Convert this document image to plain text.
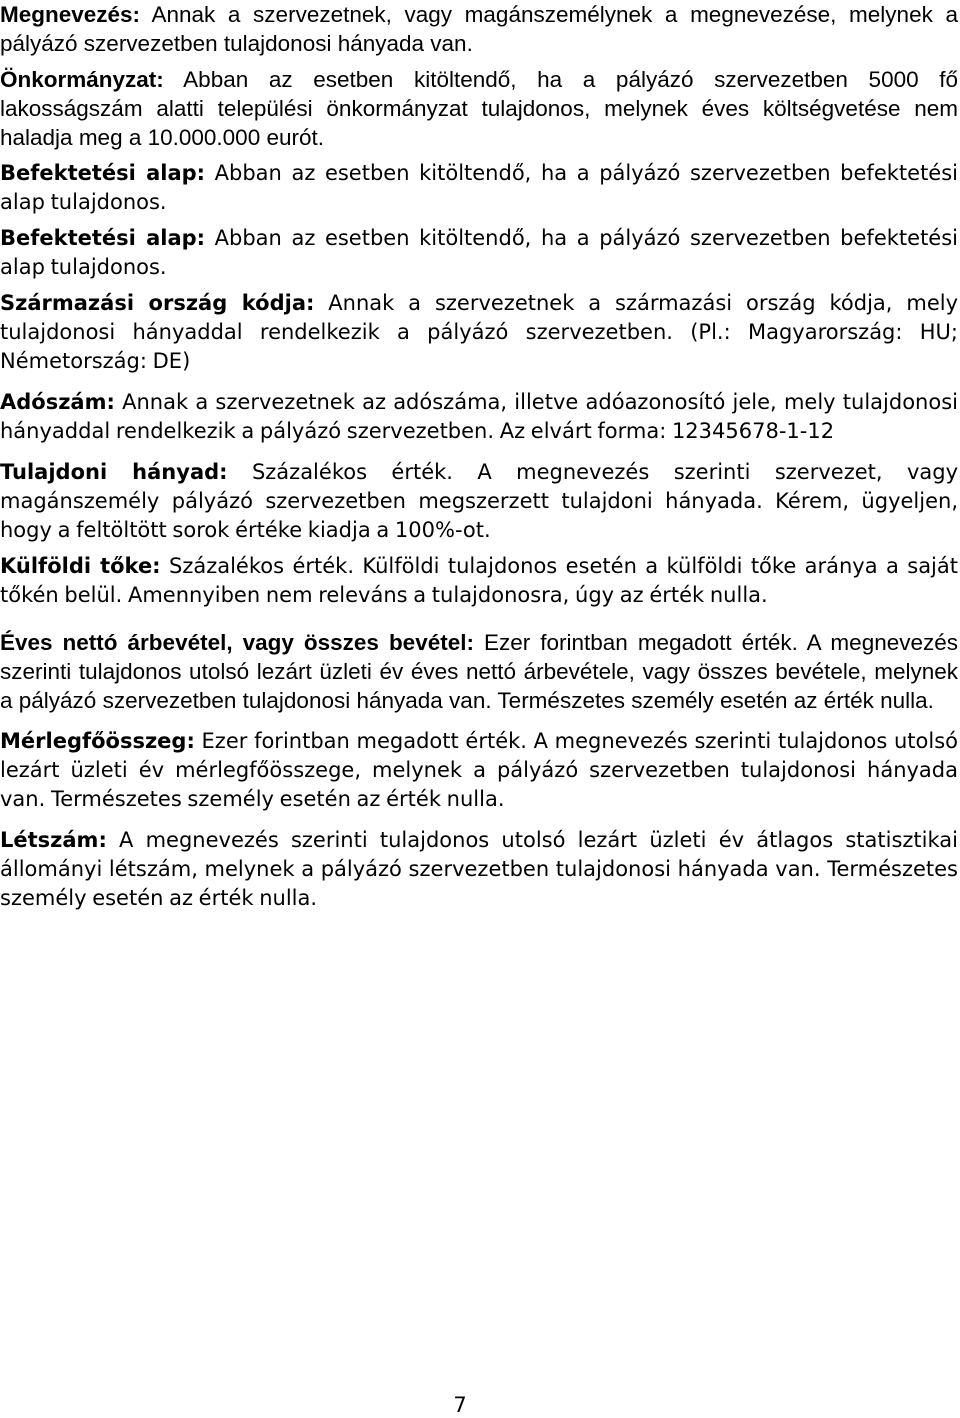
Megnevezés: Annak a szervezetnek, vagy magánszemélynek a megnevezése, melynek a pályázó szervezetben tulajdonosi hányada van.

Önkormányzat: Abban az esetben kitöltendő, ha a pályázó szervezetben 5000 fő lakosságszám alatti települési önkormányzat tulajdonos, melynek éves költségvetése nem haladja meg a 10.000.000 eurót.

Befektetési alap: Abban az esetben kitöltendő, ha a pályázó szervezetben befektetési alap tulajdonos.

Befektetési alap: Abban az esetben kitöltendő, ha a pályázó szervezetben befektetési alap tulajdonos.

Származási ország kódja: Annak a szervezetnek a származási ország kódja, mely tulajdonosi hányaddal rendelkezik a pályázó szervezetben. (Pl.: Magyarország: HU; Németország: DE)

Adószám: Annak a szervezetnek az adószáma, illetve adóazonosító jele, mely tulajdonosi hányaddal rendelkezik a pályázó szervezetben. Az elvárt forma: 12345678-1-12

Tulajdoni hányad: Százalékos érték. A megnevezés szerinti szervezet, vagy magánszemély pályázó szervezetben megszerzett tulajdoni hányada. Kérem, ügyeljen, hogy a feltöltött sorok értéke kiadja a 100%-ot.

Külföldi tőke: Százalékos érték. Külföldi tulajdonos esetén a külföldi tőke aránya a saját tőkén belül. Amennyiben nem releváns a tulajdonosra, úgy az érték nulla.

Éves nettó árbevétel, vagy összes bevétel: Ezer forintban megadott érték. A megnevezés szerinti tulajdonos utolsó lezárt üzleti év éves nettó árbevétele, vagy összes bevétele, melynek a pályázó szervezetben tulajdonosi hányada van. Természetes személy esetén az érték nulla.

Mérlegfőösszeg: Ezer forintban megadott érték. A megnevezés szerinti tulajdonos utolsó lezárt üzleti év mérlegfőösszege, melynek a pályázó szervezetben tulajdonosi hányada van. Természetes személy esetén az érték nulla.

Létszám: A megnevezés szerinti tulajdonos utolsó lezárt üzleti év átlagos statisztikai állományi létszám, melynek a pályázó szervezetben tulajdonosi hányada van. Természetes személy esetén az érték nulla.

7
